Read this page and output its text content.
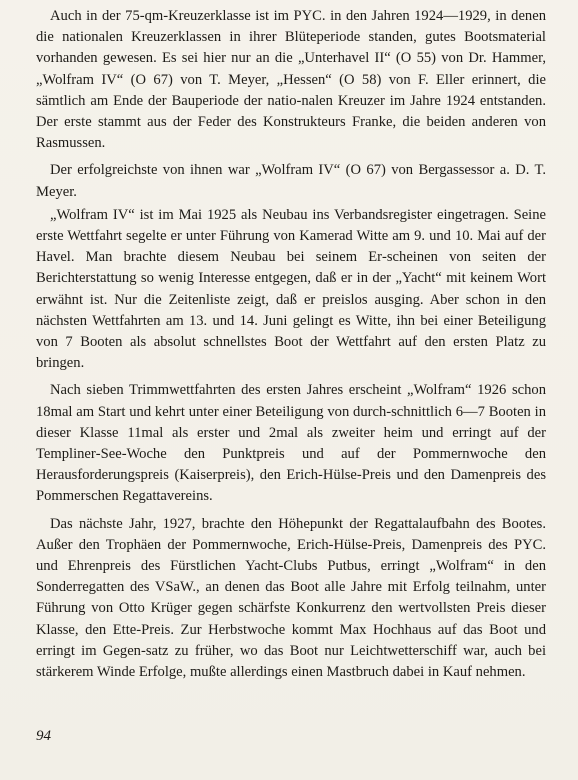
Auch in der 75‐qm‐Kreuzerklasse ist im PYC. in den Jahren 1924—1929, in denen die nationalen Kreuzerklassen in ihrer Blüteperiode standen, gutes Bootsmaterial vorhanden gewesen. Es sei hier nur an die „Unterhavel II“ (O 55) von Dr. Hammer, „Wolfram IV“ (O 67) von T. Meyer, „Hessen“ (O 58) von F. Eller erinnert, die sämtlich am Ende der Bauperiode der natio‐nalen Kreuzer im Jahre 1924 entstanden. Der erste stammt aus der Feder des Konstrukteurs Franke, die beiden anderen von Rasmussen.

Der erfolgreichste von ihnen war „Wolfram IV“ (O 67) von Bergassessor a. D. T. Meyer.

„Wolfram IV“ ist im Mai 1925 als Neubau ins Verbandsregister eingetragen. Seine erste Wettfahrt segelte er unter Führung von Kamerad Witte am 9. und 10. Mai auf der Havel. Man brachte diesem Neubau bei seinem Er‐scheinen von seiten der Berichterstattung so wenig Interesse entgegen, daß er in der „Yacht“ mit keinem Wort erwähnt ist. Nur die Zeitenliste zeigt, daß er preislos ausging. Aber schon in den nächsten Wettfahrten am 13. und 14. Juni gelingt es Witte, ihn bei einer Beteiligung von 7 Booten als absolut schnellstes Boot der Wettfahrt auf den ersten Platz zu bringen.

Nach sieben Trimmwettfahrten des ersten Jahres erscheint „Wolfram“ 1926 schon 18mal am Start und kehrt unter einer Beteiligung von durch‐schnittlich 6—7 Booten in dieser Klasse 11mal als erster und 2mal als zweiter heim und erringt auf der Templiner‐See‐Woche den Punktpreis und auf der Pommernwoche den Herausforderungspreis (Kaiserpreis), den Erich‐Hülse‐Preis und den Damenpreis des Pommerschen Regattavereins.

Das nächste Jahr, 1927, brachte den Höhepunkt der Regattalaufbahn des Bootes. Außer den Trophäen der Pommernwoche, Erich‐Hülse‐Preis, Damenpreis des PYC. und Ehrenpreis des Fürstlichen Yacht‐Clubs Putbus, erringt „Wolfram“ in den Sonderregatten des VSaW., an denen das Boot alle Jahre mit Erfolg teilnahm, unter Führung von Otto Krüger gegen schärfste Konkurrenz den wertvollsten Preis dieser Klasse, den Ette‐Preis. Zur Herbstwoche kommt Max Hochhaus auf das Boot und erringt im Gegen‐satz zu früher, wo das Boot nur Leichtwetterschiff war, auch bei stärkerem Winde Erfolge, mußte allerdings einen Mastbruch dabei in Kauf nehmen.

94
